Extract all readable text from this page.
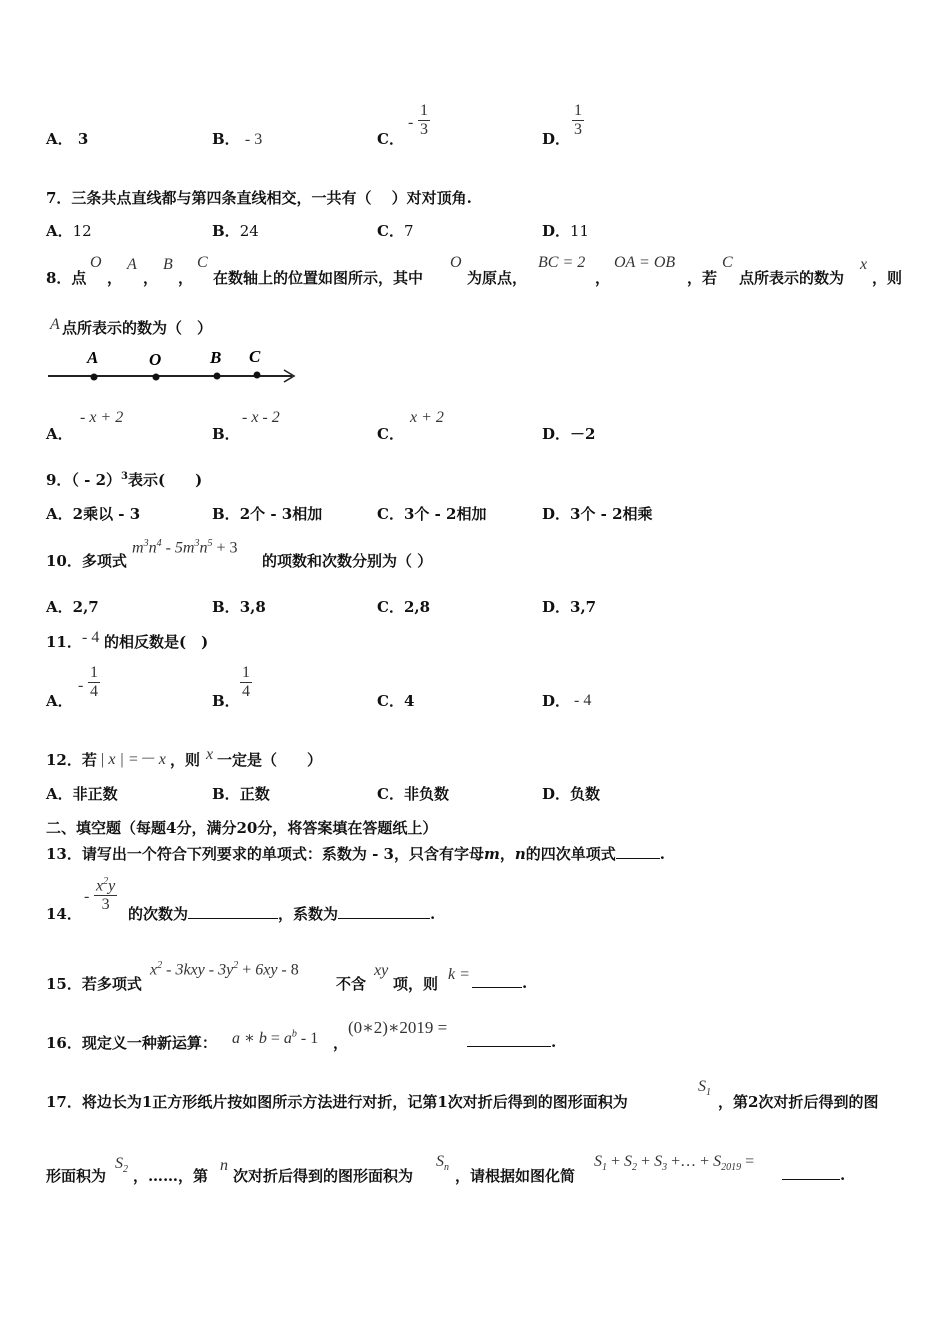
A． 3	B． - 3	C．
- $\frac{1}{3}$	D． $\frac{1}{3}$
7．三条共点直线都与第四条直线相交，一共有（　 ）对对顶角.
A．12	B．24	C．7	D．11
8．点
O
，
A
，
B
，
C
在数轴上的位置如图所示，其中
O
为原点，
BC = 2
，
OA = OB
，若
C
点所表示的数为
x
，则
A 点所表示的数为（　）
A	O	B C
A．
- x + 2
B．
- x - 2
C．
x + 2
D．－2
9．（ - 2）$^3$表示(　　)
A．2乘以 - 3	B．2个 - 3相加	C．3个 - 2相加	D．3个 - 2相乘
10．多项式
$m^3n^4 - 5m^3n^5 + 3$
的项数和次数分别为（ ）
A．2,7	B．3,8	C．2,8	D．3,7
11． - 4 的相反数是(　)
A．
- $\frac{1}{4}$	B． $\frac{1}{4}$	C．4	D． - 4
12．若 | x | =－ x ，则 x 一定是（　　）
A．非正数	B．正数	C．非负数	D．负数
二、填空题（每题4分，满分20分，将答案填在答题纸上）
13．请写出一个符合下列要求的单项式：系数为 - 3，只含有字母m，n的四次单项式	.
14．
- $\frac{x^2y}{3}$ 的次数为	，系数为	.
15．若多项式
$x^2 - 3kxy - 3y^2 + 6xy - 8$
不含
xy
项，则
k =	.
16．现定义一种新运算： a ∗ $b = a^b - 1$ ，
(0∗2)∗2019 =
.
17．将边长为1正方形纸片按如图所示方法进行对折，记第1次对折后得到的图形面积为
$S_1$
，第2次对折后得到的图
形面积为
$S_2$ ，……，第
n
次对折后得到的图形面积为
$S_n$ ，请根据如图化简
$S_1 + S_2 + S_3$ +… + $S_{2019}$ =
.
